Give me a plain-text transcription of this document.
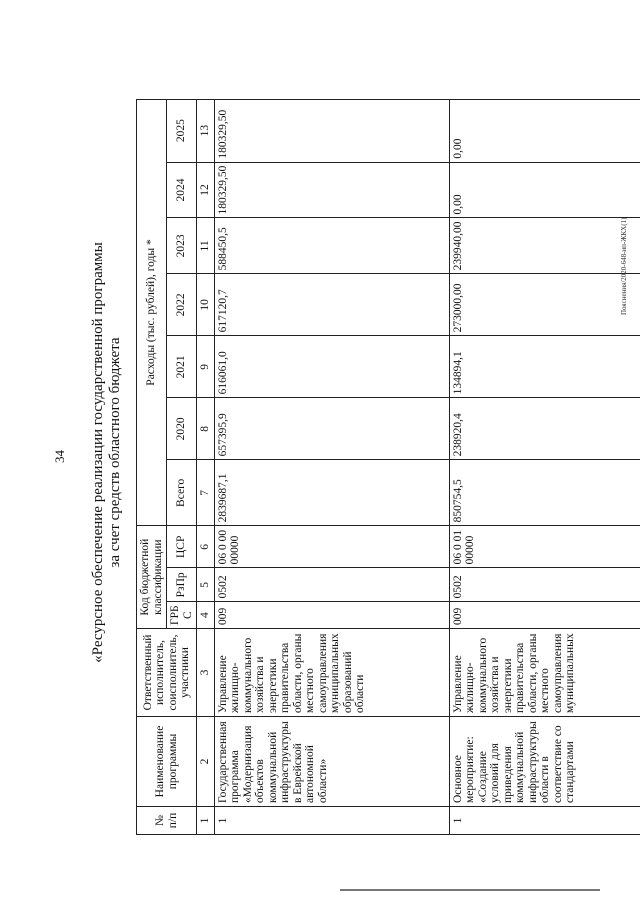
34 «Ресурсное обеспечение реализации государственной программы за счет средств областного бюджета
№ п/п	Наименование программы	Ответственный исполнитель, соисполнитель, участники	Код бюджетной классификации			Расходы (тыс. рублей), годы *						
			ГРБ С	РзПр	ЦСР	Всего	2020	2021	2022	2023	2024	2025
1	2	3	4	5	6	7	8	9	10	11	12	13
1	Государственная программа «Модернизация объектов коммунальной инфраструктуры в Еврейской автономной области»	Управление жилищно-коммунального хозяйства и энергетики правительства области, органы местного самоуправления муниципальных образований области	009	0502	06 0 00 00000	2839687,1	657395,9	616061,0	617120,7	588450,5	180329,50	180329,50
1	Основное мероприятие: «Создание условий для приведения коммунальной инфраструктуры области в соответствие со стандартами	Управление жилищно-коммунального хозяйства и энергетики правительства области, органы местного самоуправления муниципальных	009	0502	06 0 01 00000	850754,5	238920,4	134894,1	273000,00	239940,00	0,00	0,00
Пояснения/2020-648-ип-ЖКХ(1)
